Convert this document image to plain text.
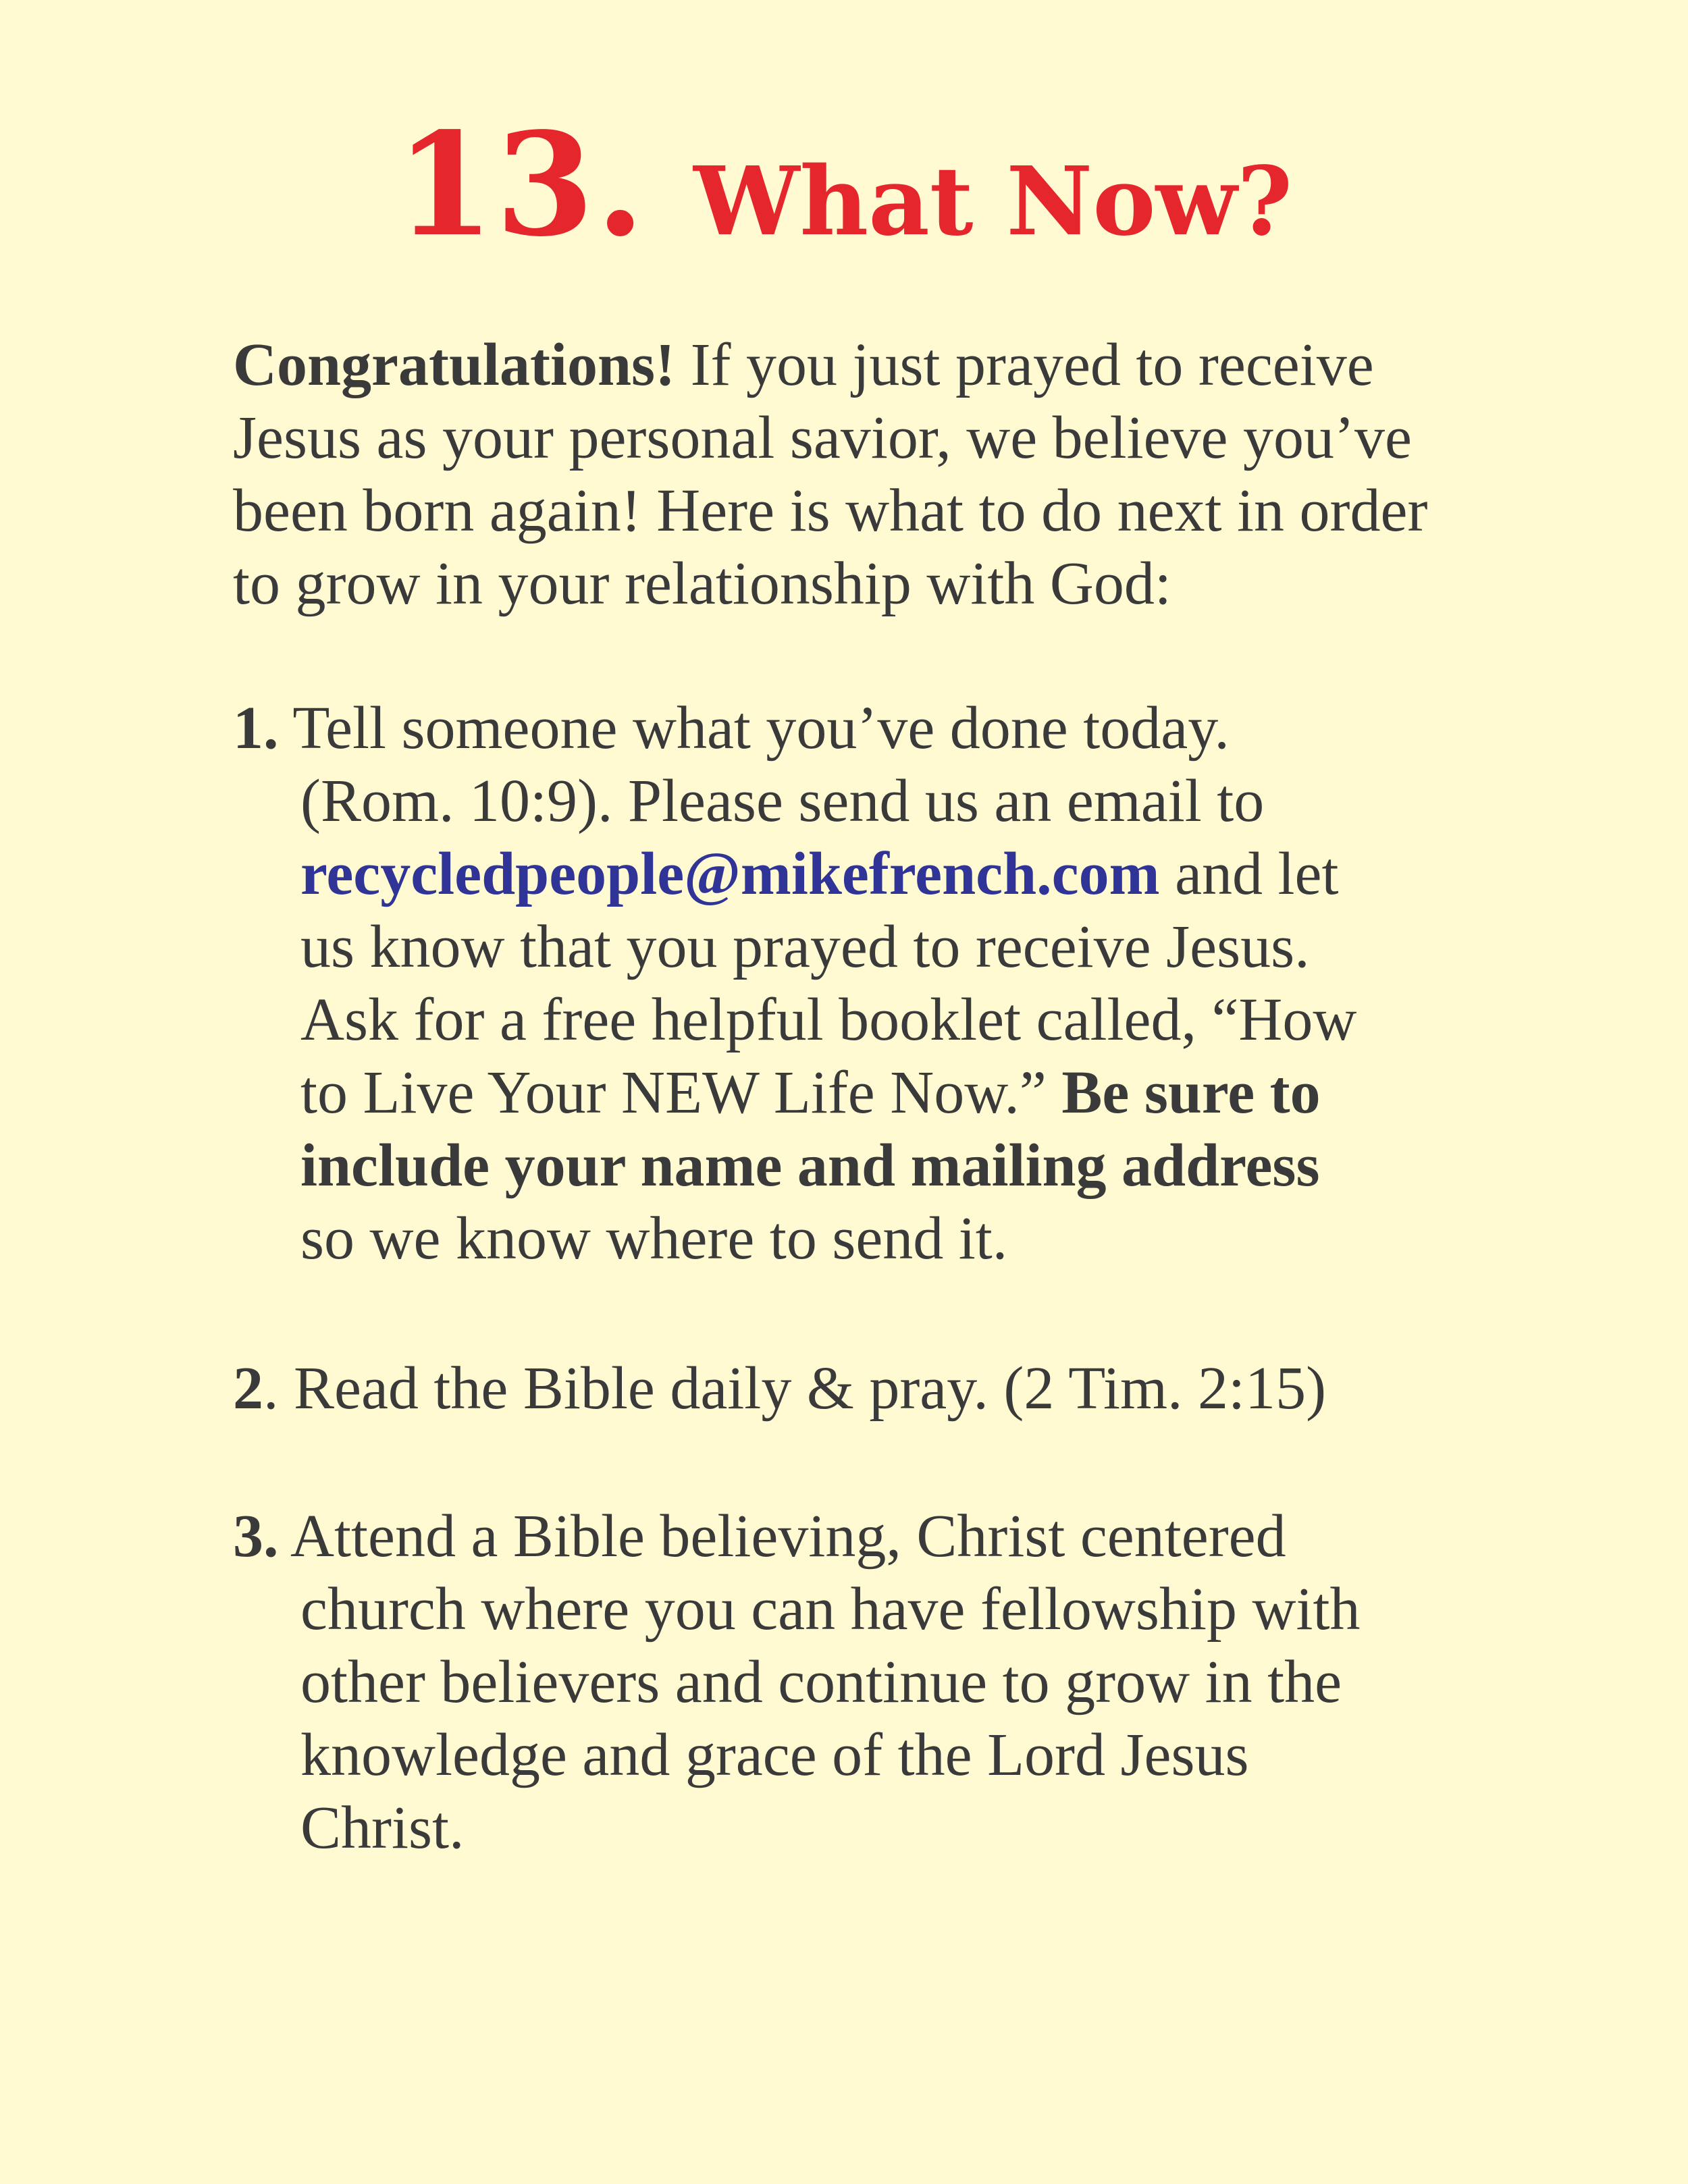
13. What Now?
Congratulations! If you just prayed to receive
Jesus as your personal savior, we believe you’ve
been born again! Here is what to do next in order
to grow in your relationship with God:
1. Tell someone what you’ve done today.
(Rom. 10:9). Please send us an email to
recycledpeople@mikefrench.com and let
us know that you prayed to receive Jesus.
Ask for a free helpful booklet called, “How
to Live Your NEW Life Now.” Be sure to
include your name and mailing address
so we know where to send it.
2. Read the Bible daily & pray. (2 Tim. 2:15)
3. Attend a Bible believing, Christ centered
church where you can have fellowship with
other believers and continue to grow in the
knowledge and grace of the Lord Jesus
Christ.
